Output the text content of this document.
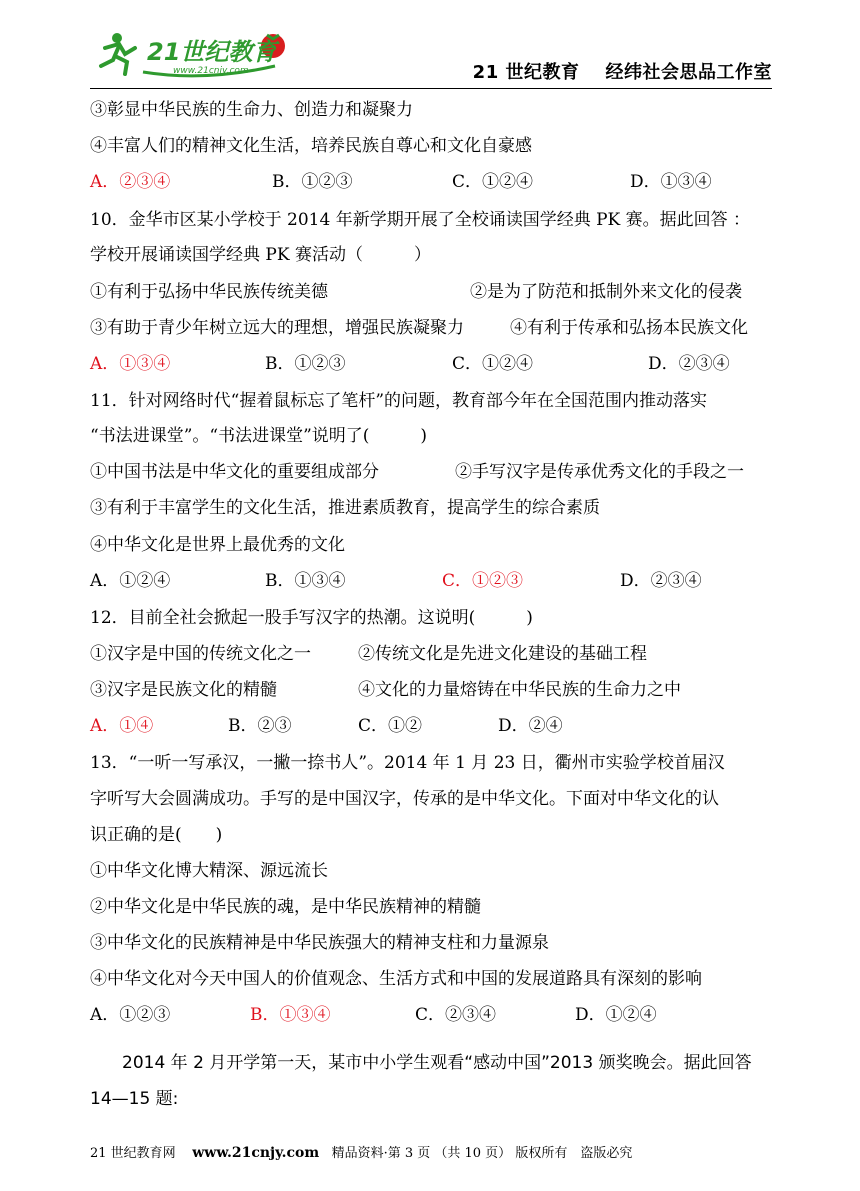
21世纪教育
www.21cnjy.com	21 世纪教育 经纬社会思品工作室
③彰显中华民族的生命力、创造力和凝聚力
④丰富人们的精神文化生活，培养民族自尊心和文化自豪感
A．②③④	B．①②③	C．①②④	D．①③④
10．金华市区某小学校于 2014 年新学期开展了全校诵读国学经典 PK 赛。据此回答 ：
学校开展诵读国学经典 PK 赛活动（　　　）
①有利于弘扬中华民族传统美德	②是为了防范和抵制外来文化的侵袭
③有助于青少年树立远大的理想，增强民族凝聚力	④有利于传承和弘扬本民族文化
A．①③④	B．①②③	C．①②④	D．②③④
11．针对网络时代“握着鼠标忘了笔杆”的问题，教育部今年在全国范围内推动落实
“书法进课堂”。“书法进课堂”说明了(　　　)
①中国书法是中华文化的重要组成部分	②手写汉字是传承优秀文化的手段之一
③有利于丰富学生的文化生活，推进素质教育，提高学生的综合素质
④中华文化是世界上最优秀的文化
A．①②④	B．①③④	C．①②③	D．②③④
12．目前全社会掀起一股手写汉字的热潮。这说明(　　　)
①汉字是中国的传统文化之一	②传统文化是先进文化建设的基础工程
③汉字是民族文化的精髓	④文化的力量熔铸在中华民族的生命力之中
A．①④	B．②③	C．①②	D．②④
13．“一听一写承汉，一撇一捺书人”。2014 年 1 月 23 日，衢州市实验学校首届汉
字听写大会圆满成功。手写的是中国汉字，传承的是中华文化。下面对中华文化的认
识正确的是(　　)
①中华文化博大精深、源远流长
②中华文化是中华民族的魂，是中华民族精神的精髓
③中华文化的民族精神是中华民族强大的精神支柱和力量源泉
④中华文化对今天中国人的价值观念、生活方式和中国的发展道路具有深刻的影响
A．①②③	B．①③④	C．②③④	D．①②④
2014 年 2 月开学第一天，某市中小学生观看“感动中国”2013 颁奖晚会。据此回答
14—15 题:
21 世纪教育网 www.21cnjy.com 精品资料·第 3 页 （共 10 页） 版权所有　盗版必究
